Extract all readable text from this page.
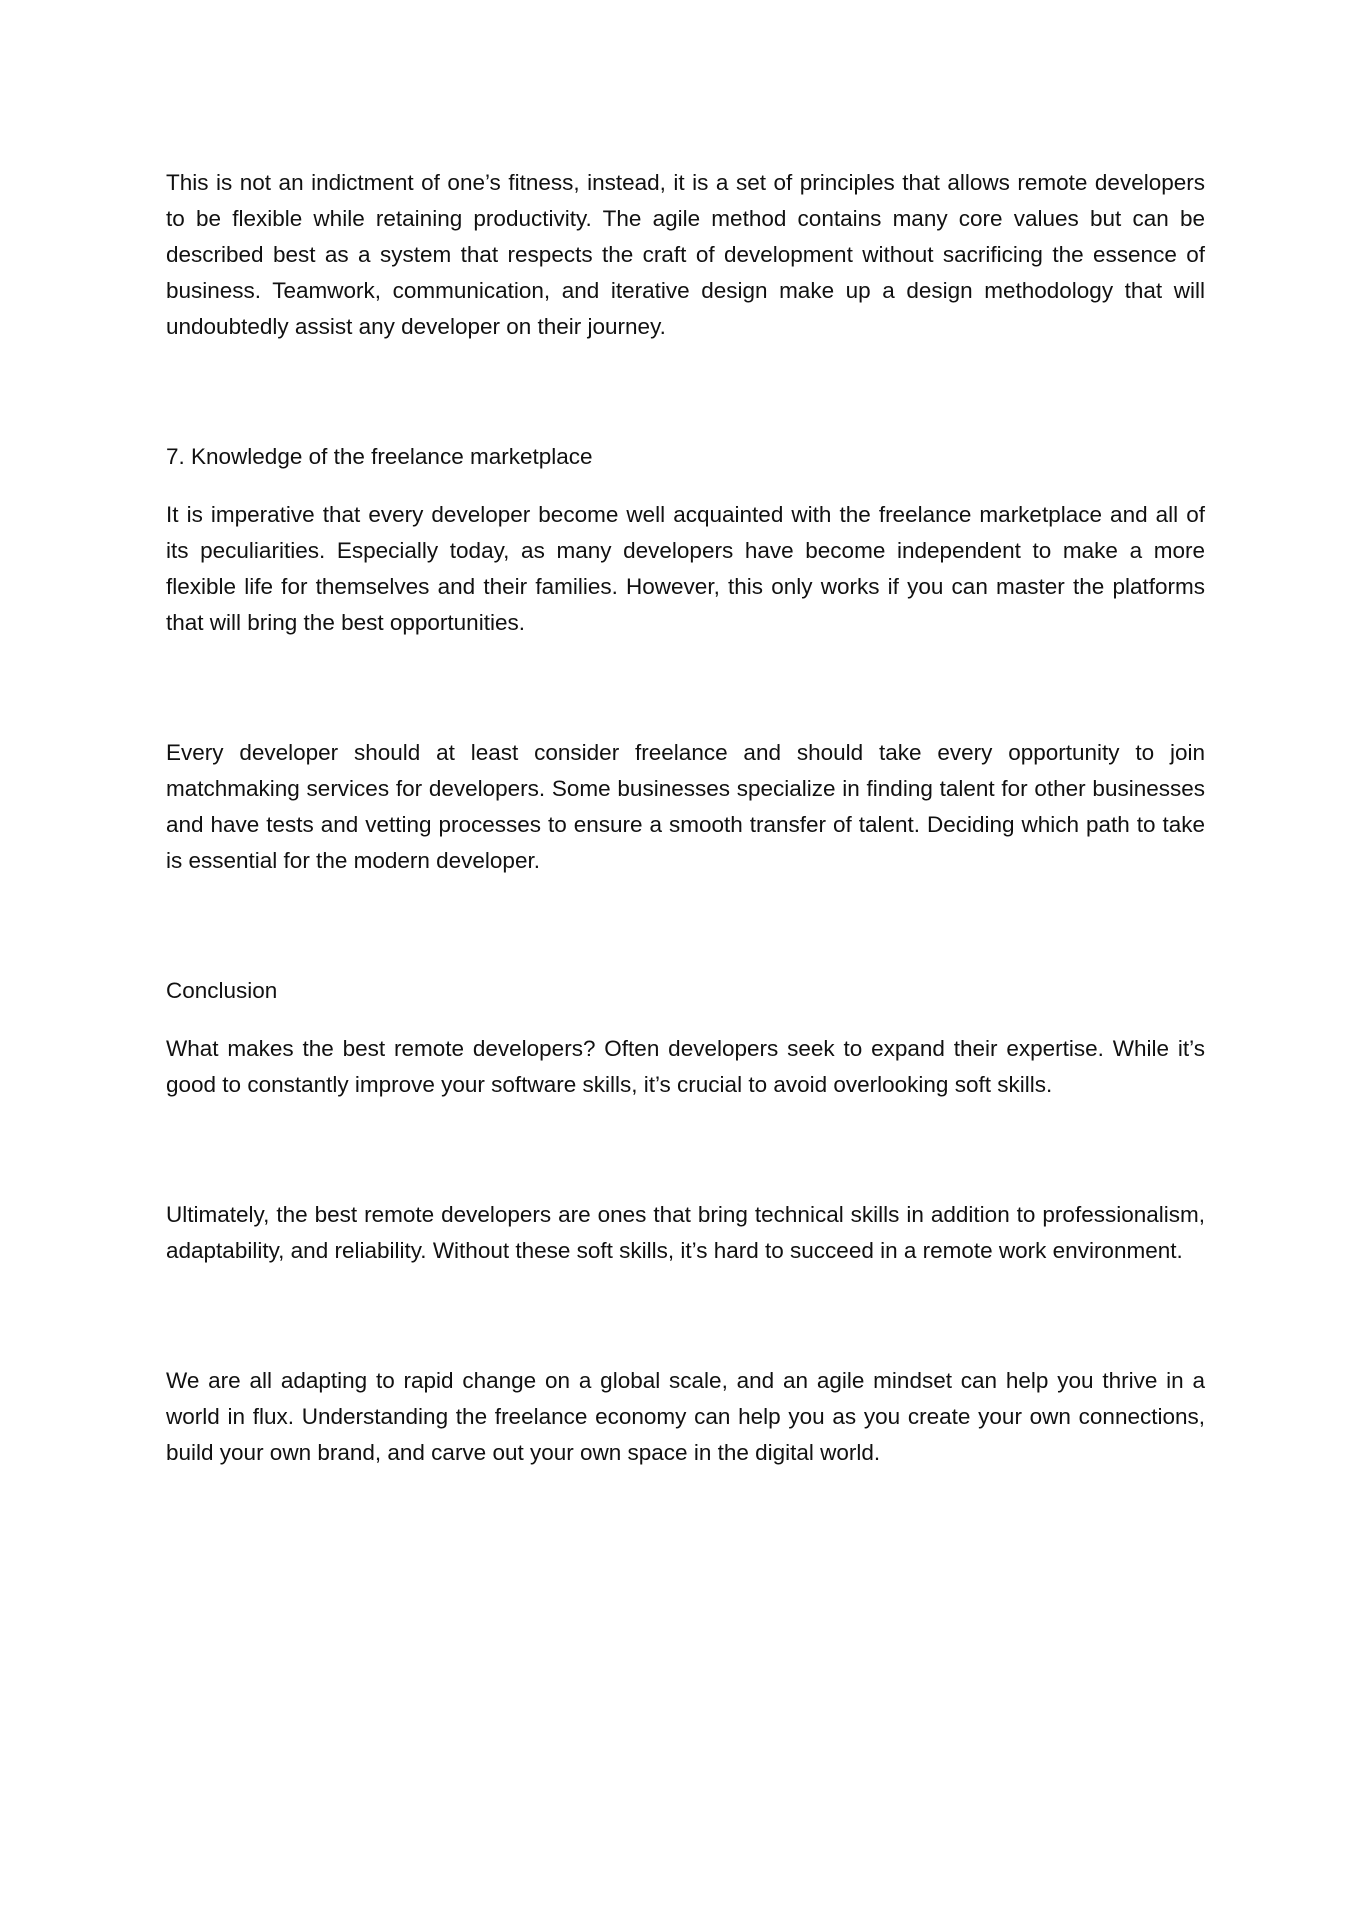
This is not an indictment of one’s fitness, instead, it is a set of principles that allows remote developers to be flexible while retaining productivity. The agile method contains many core values but can be described best as a system that respects the craft of development without sacrificing the essence of business. Teamwork, communication, and iterative design make up a design methodology that will undoubtedly assist any developer on their journey.

7. Knowledge of the freelance marketplace

It is imperative that every developer become well acquainted with the freelance marketplace and all of its peculiarities. Especially today, as many developers have become independent to make a more flexible life for themselves and their families. However, this only works if you can master the platforms that will bring the best opportunities.

Every developer should at least consider freelance and should take every opportunity to join matchmaking services for developers. Some businesses specialize in finding talent for other businesses and have tests and vetting processes to ensure a smooth transfer of talent. Deciding which path to take is essential for the modern developer.

Conclusion

What makes the best remote developers? Often developers seek to expand their expertise. While it’s good to constantly improve your software skills, it’s crucial to avoid overlooking soft skills.

Ultimately, the best remote developers are ones that bring technical skills in addition to professionalism, adaptability, and reliability. Without these soft skills, it’s hard to succeed in a remote work environment.

We are all adapting to rapid change on a global scale, and an agile mindset can help you thrive in a world in flux. Understanding the freelance economy can help you as you create your own connections, build your own brand, and carve out your own space in the digital world.
